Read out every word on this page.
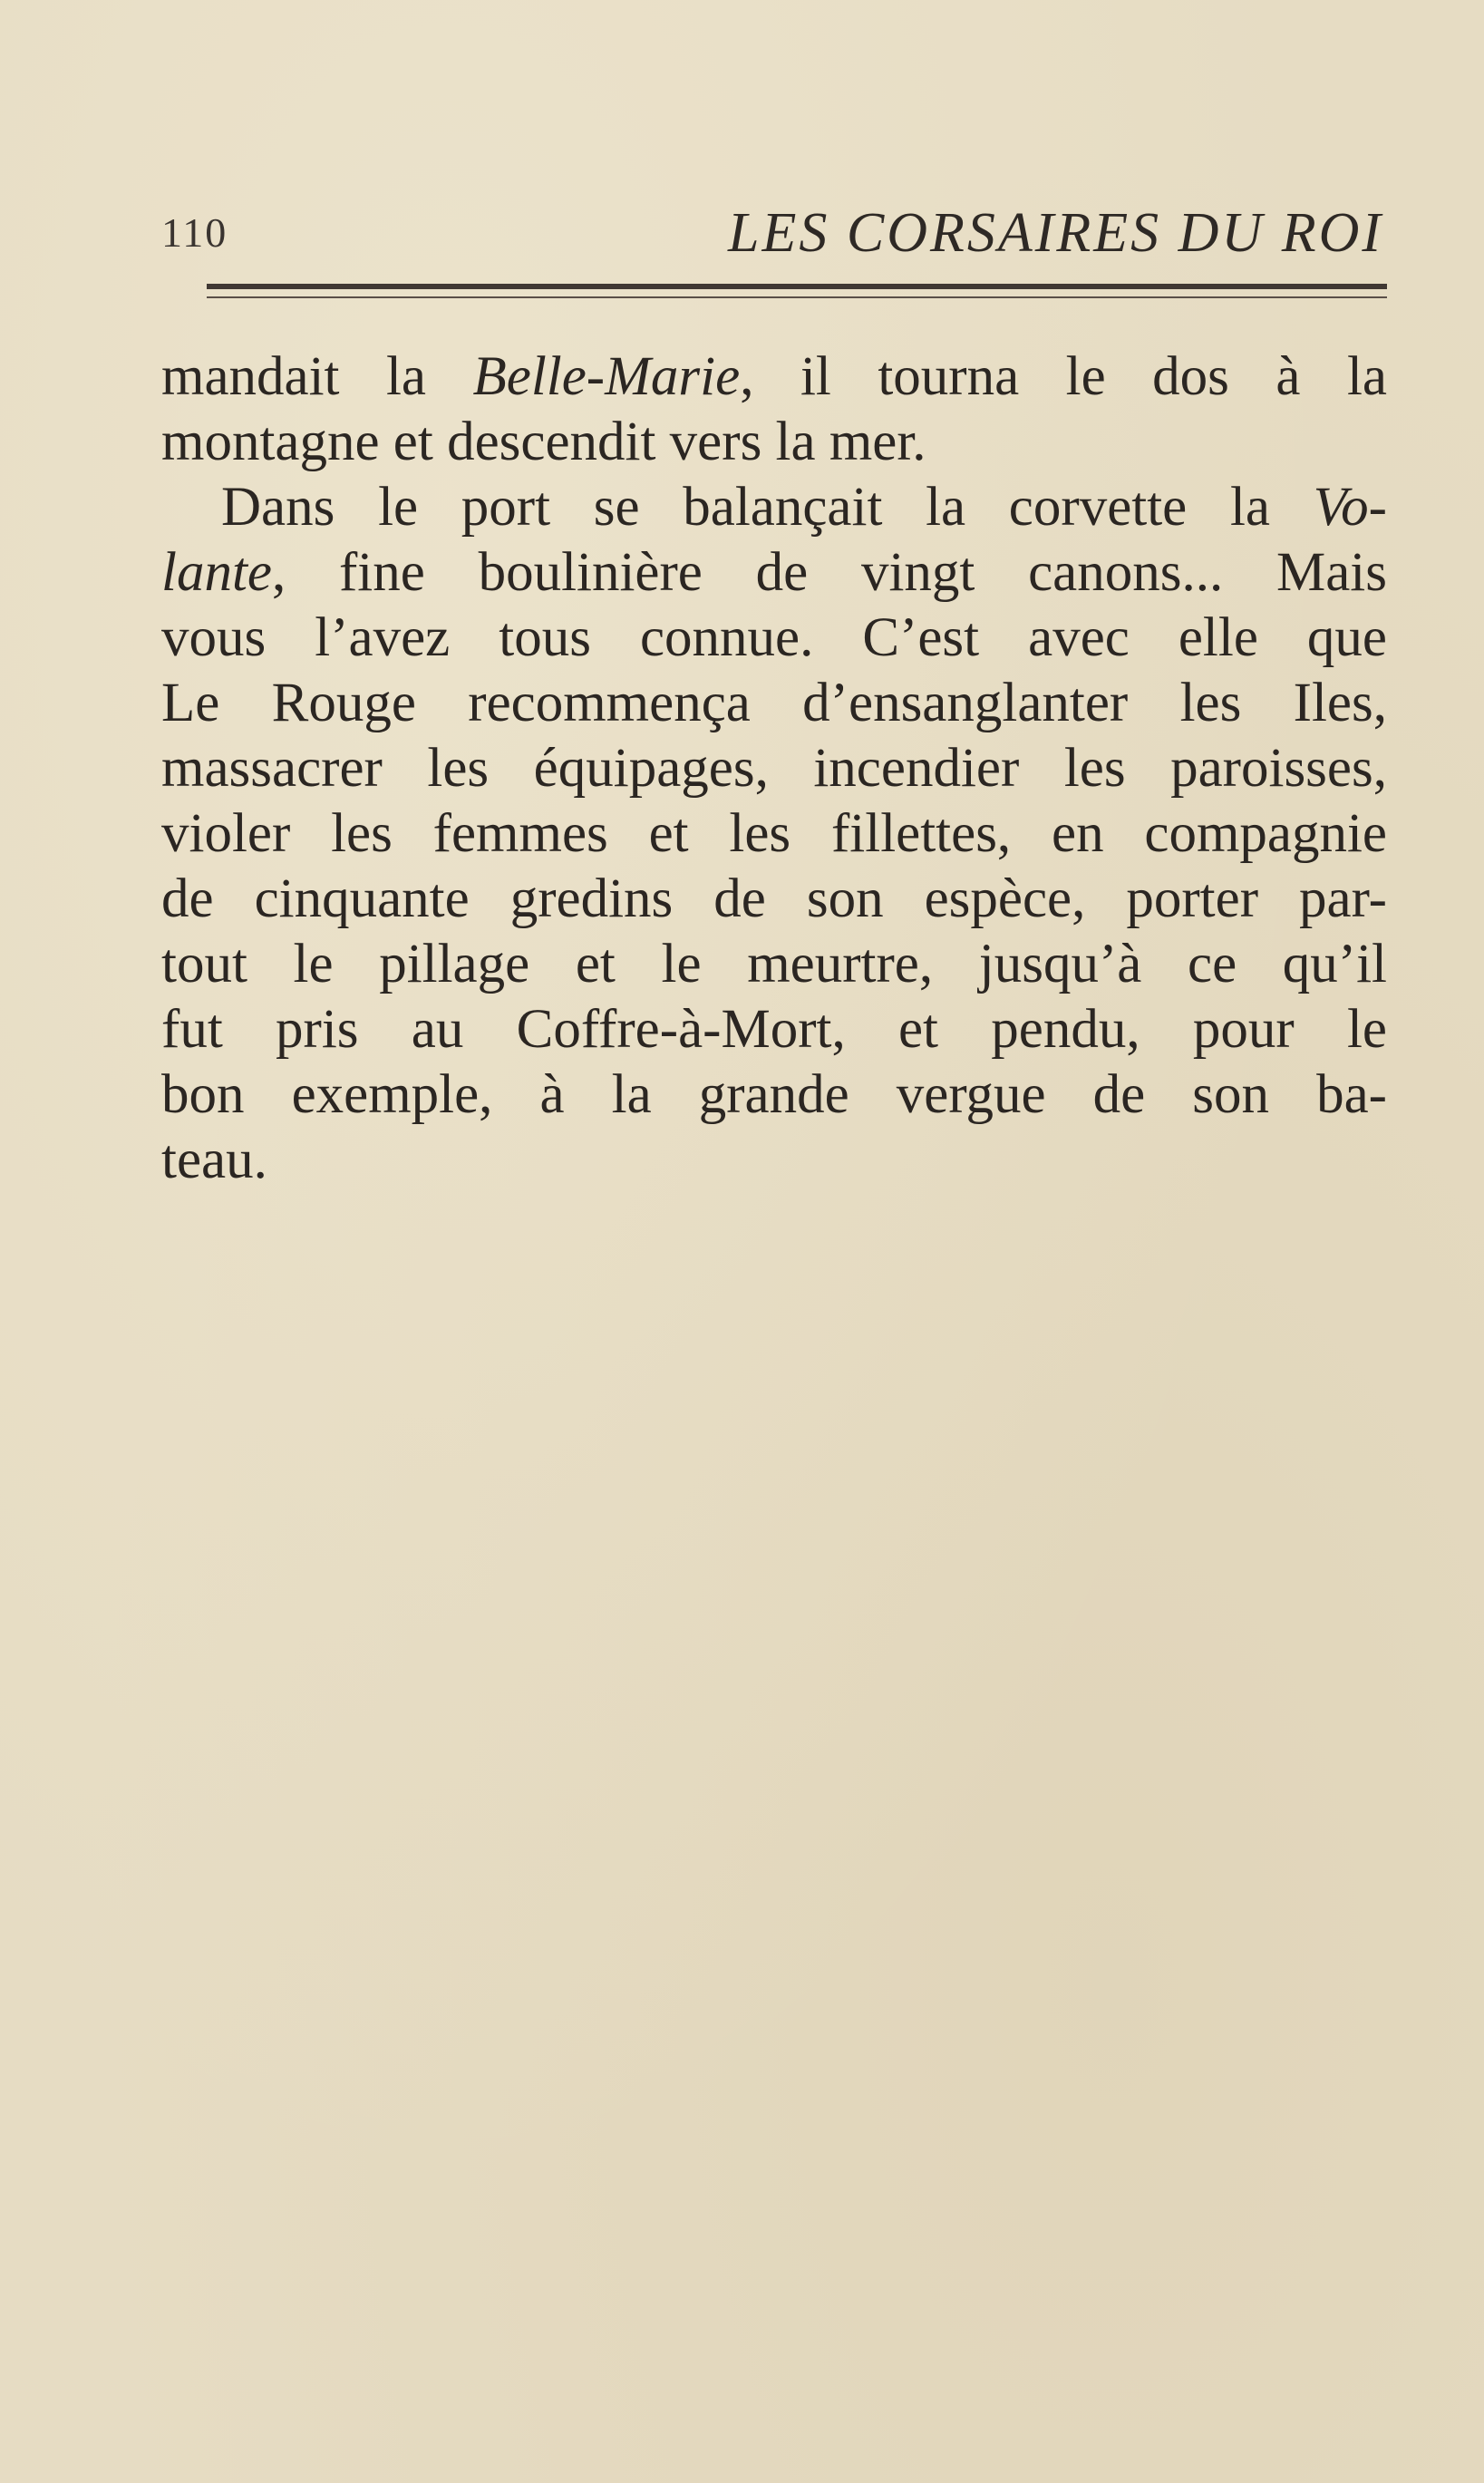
110	LES CORSAIRES DU ROI
mandait la Belle-Marie, il tourna le dos à la
montagne et descendit vers la mer.
Dans le port se balançait la corvette la Vo-
lante, fine boulinière de vingt canons... Mais
vous l’avez tous connue. C’est avec elle que
Le Rouge recommença d’ensanglanter les Iles,
massacrer les équipages, incendier les paroisses,
violer les femmes et les fillettes, en compagnie
de cinquante gredins de son espèce, porter par-
tout le pillage et le meurtre, jusqu’à ce qu’il
fut pris au Coffre-à-Mort, et pendu, pour le
bon exemple, à la grande vergue de son ba-
teau.
